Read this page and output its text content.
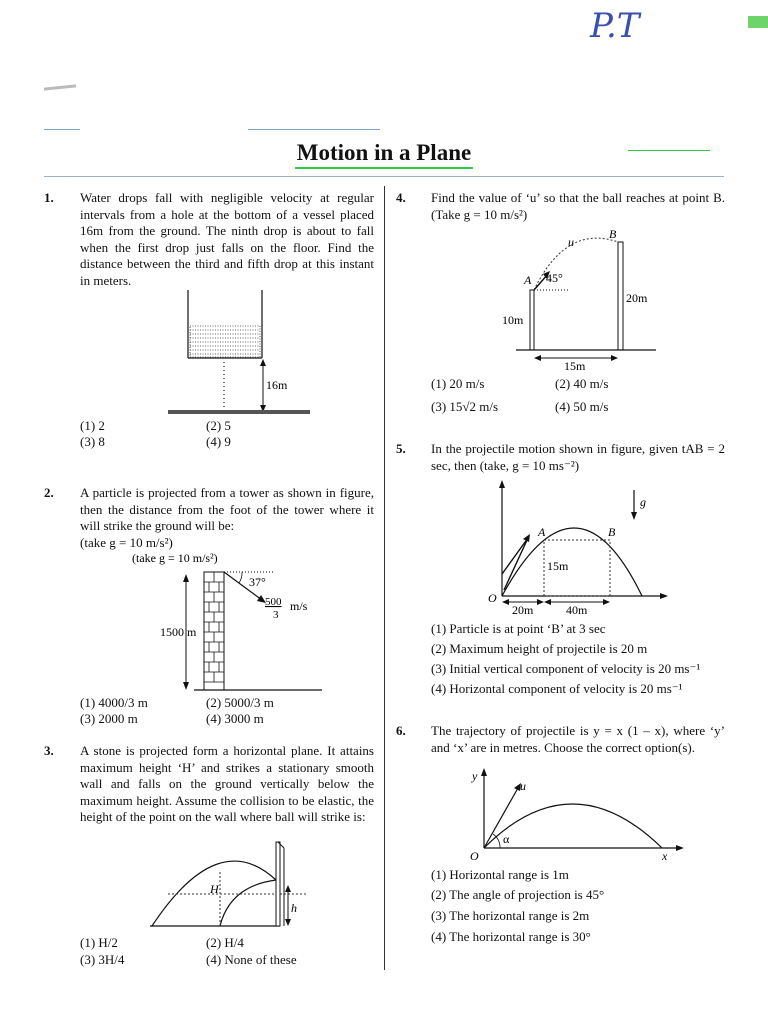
P.T
Motion in a Plane
1. Water drops fall with negligible velocity at regular intervals from a hole at the bottom of a vessel placed 16m from the ground. The ninth drop is about to fall when the first drop just falls on the floor. Find the distance between the third and fifth drop at this instant in meters.
16m
(1) 2	(2) 5
(3) 8	(4) 9
2. A particle is projected from a tower as shown in figure, then the distance from the foot of the tower where it will strike the ground will be:
(take g = 10 m/s²)
(take g = 10 m/s²)
37°
500
3
m/s
1500 m
(1) 4000/3 m	(2) 5000/3 m
(3) 2000 m	(4) 3000 m
3. A stone is projected form a horizontal plane. It attains maximum height ‘H’ and strikes a stationary smooth wall and falls on the ground vertically below the maximum height. Assume the collision to be elastic, the height of the point on the wall where ball will strike is:
H
h
(1) H/2	(2) H/4
(3) 3H/4	(4) None of these
4. Find the value of ‘u’ so that the ball reaches at point B. (Take g = 10 m/s²)
u
B
A 45°
10m
20m
15m
(1) 20 m/s	(2) 40 m/s
(3) 15√2 m/s	(4) 50 m/s
5. In the projectile motion shown in figure, given tAB = 2 sec, then (take, g = 10 ms⁻²)
A	B
15m
O
20m	40m
g
(1) Particle is at point ‘B’ at 3 sec
(2) Maximum height of projectile is 20 m
(3) Initial vertical component of velocity is 20 ms⁻¹
(4) Horizontal component of velocity is 20 ms⁻¹
6. The trajectory of projectile is y = x (1 – x), where ‘y’ and ‘x’ are in metres. Choose the correct option(s).
y
x
u
O
α
(1) Horizontal range is 1m
(2) The angle of projection is 45°
(3) The horizontal range is 2m
(4) The horizontal range is 30°
